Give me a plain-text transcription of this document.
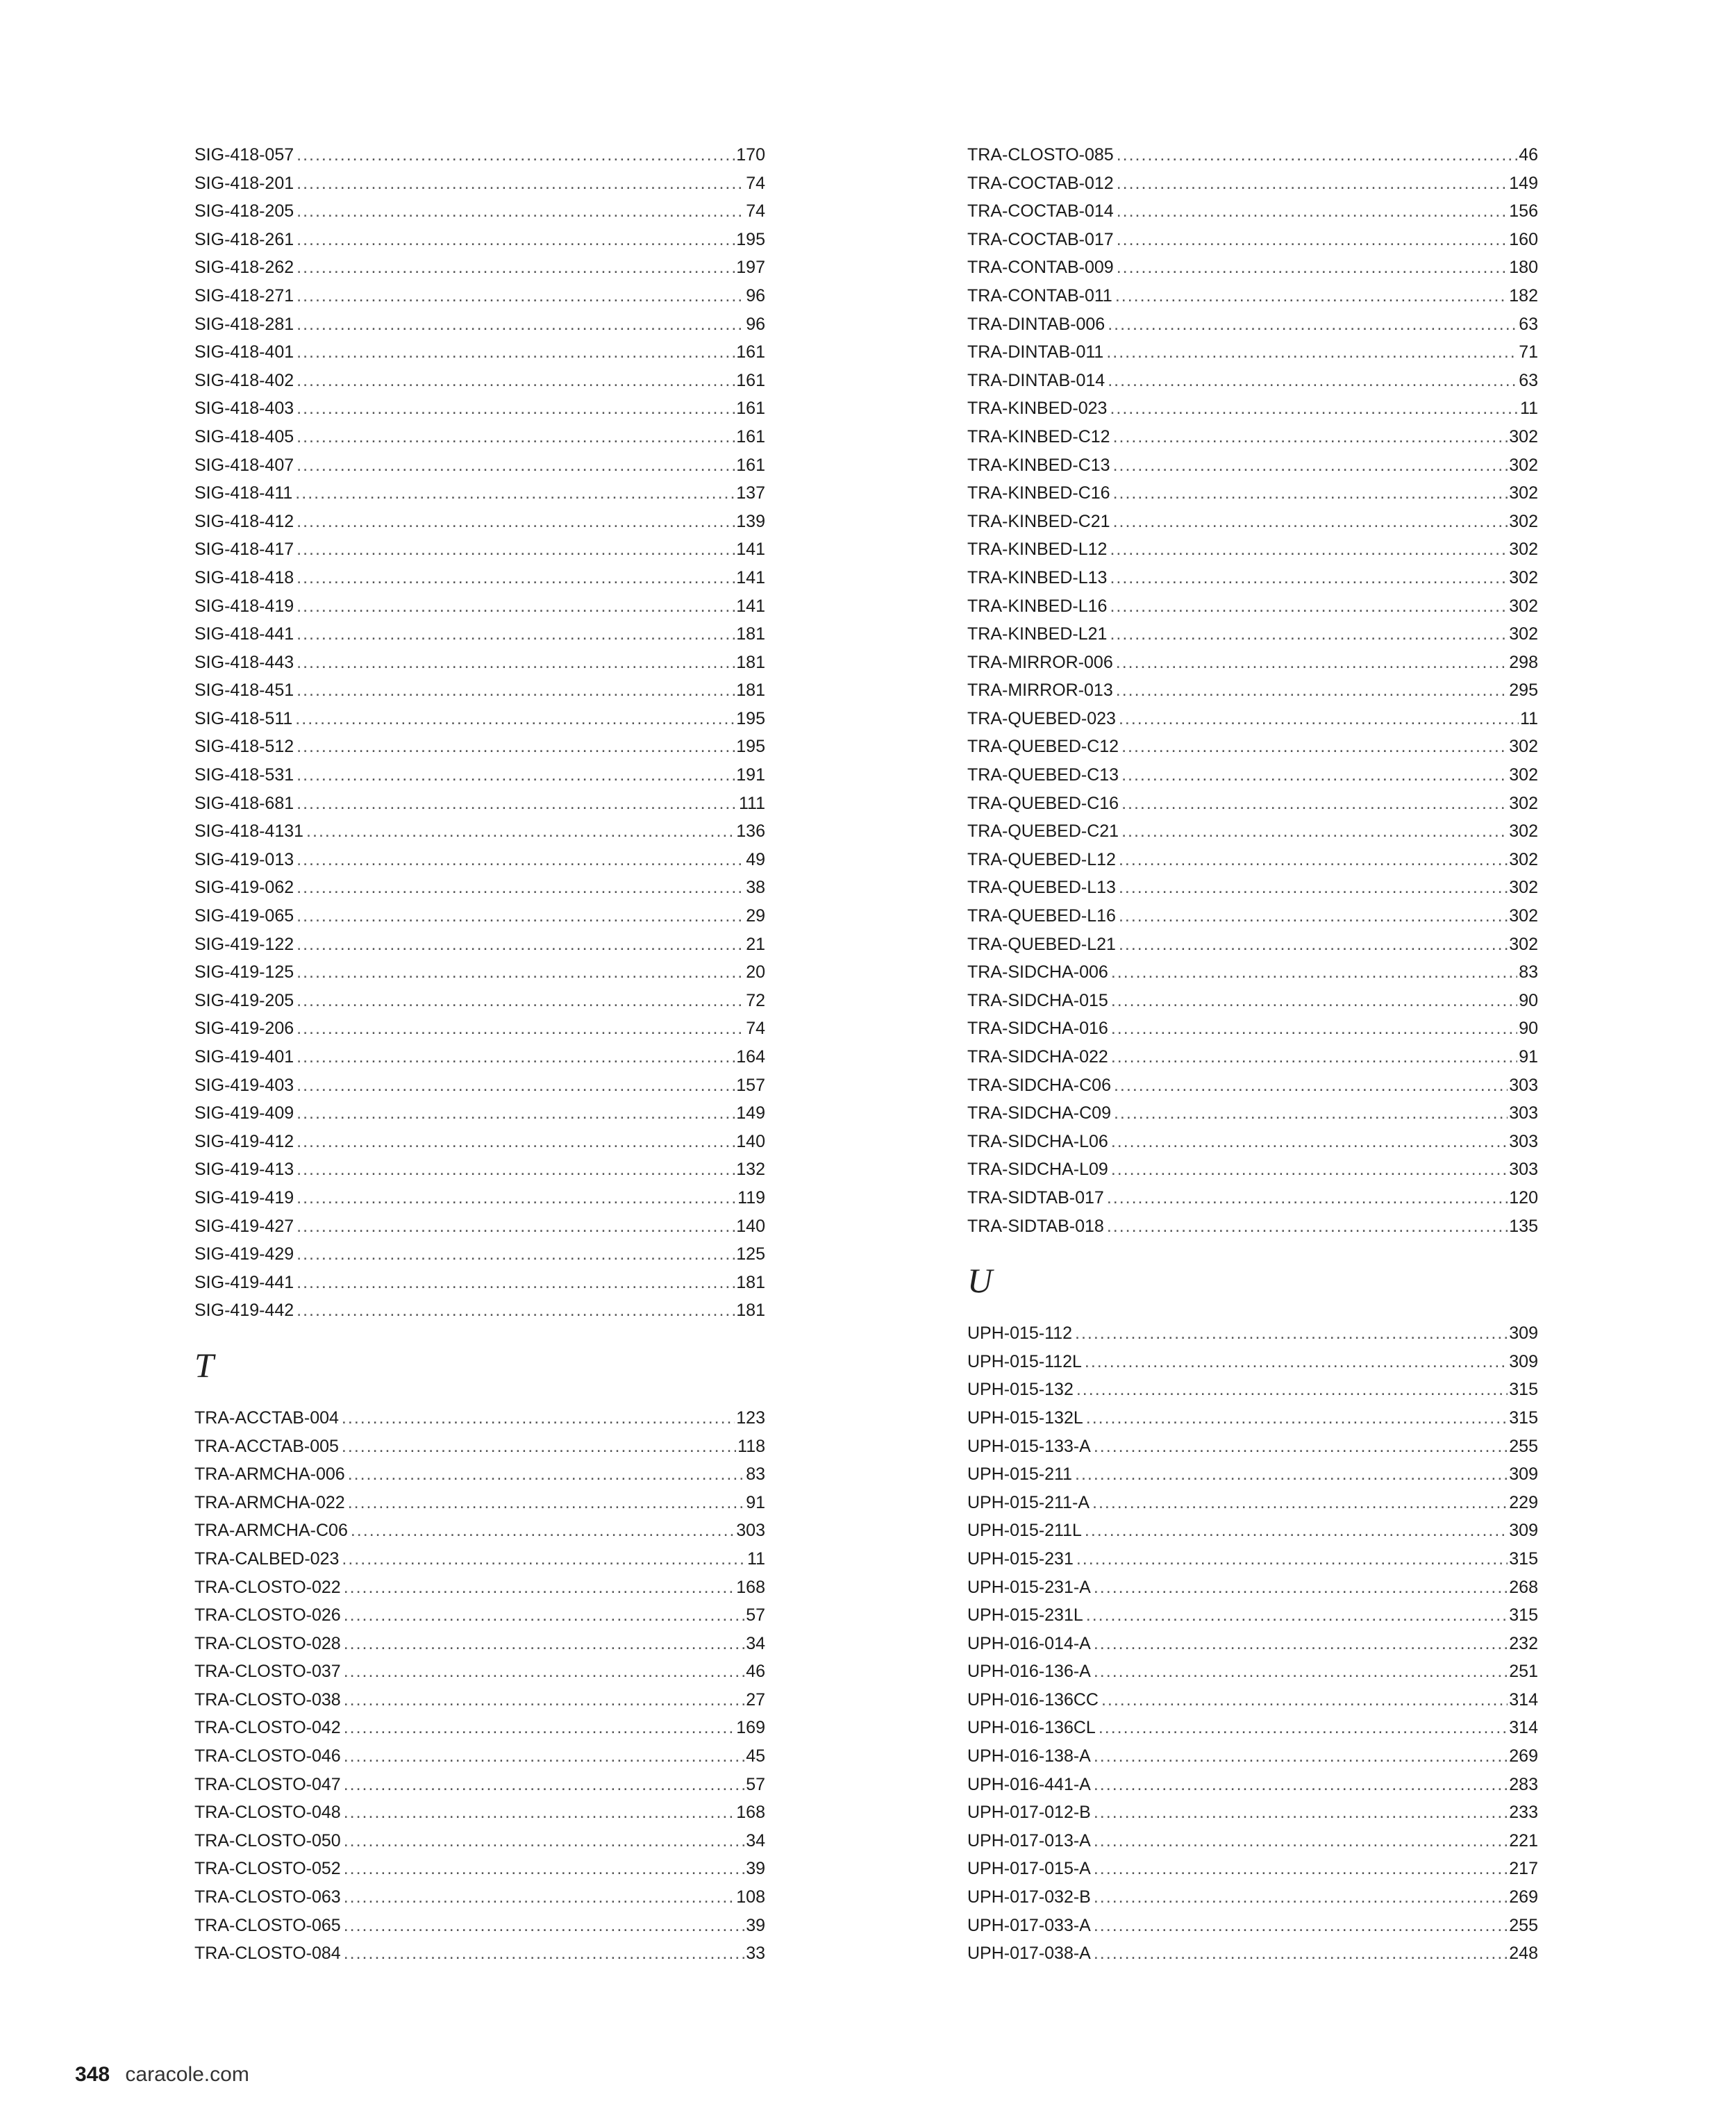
SIG-418-057 .....	170
SIG-418-201 .....	74
SIG-418-205 .....	74
SIG-418-261 .....	195
SIG-418-262 .....	197
SIG-418-271 .....	96
SIG-418-281 .....	96
SIG-418-401 .....	161
SIG-418-402 .....	161
SIG-418-403 .....	161
SIG-418-405 .....	161
SIG-418-407 .....	161
SIG-418-411 .....	137
SIG-418-412 .....	139
SIG-418-417 .....	141
SIG-418-418 .....	141
SIG-418-419 .....	141
SIG-418-441 .....	181
SIG-418-443 .....	181
SIG-418-451 .....	181
SIG-418-511 .....	195
SIG-418-512 .....	195
SIG-418-531 .....	191
SIG-418-681 .....	111
SIG-418-4131 .....	136
SIG-419-013 .....	49
SIG-419-062 .....	38
SIG-419-065 .....	29
SIG-419-122 .....	21
SIG-419-125 .....	20
SIG-419-205 .....	72
SIG-419-206 .....	74
SIG-419-401 .....	164
SIG-419-403 .....	157
SIG-419-409 .....	149
SIG-419-412 .....	140
SIG-419-413 .....	132
SIG-419-419 .....	119
SIG-419-427 .....	140
SIG-419-429 .....	125
SIG-419-441 .....	181
SIG-419-442 .....	181
T
TRA-ACCTAB-004 .....	123
TRA-ACCTAB-005 .....	118
TRA-ARMCHA-006 .....	83
TRA-ARMCHA-022 .....	91
TRA-ARMCHA-C06 .....	303
TRA-CALBED-023 .....	11
TRA-CLOSTO-022 .....	168
TRA-CLOSTO-026 .....	57
TRA-CLOSTO-028 .....	34
TRA-CLOSTO-037 .....	46
TRA-CLOSTO-038 .....	27
TRA-CLOSTO-042 .....	169
TRA-CLOSTO-046 .....	45
TRA-CLOSTO-047 .....	57
TRA-CLOSTO-048 .....	168
TRA-CLOSTO-050 .....	34
TRA-CLOSTO-052 .....	39
TRA-CLOSTO-063 .....	108
TRA-CLOSTO-065 .....	39
TRA-CLOSTO-084 .....	33
TRA-CLOSTO-085 .....	46
TRA-COCTAB-012 .....	149
TRA-COCTAB-014 .....	156
TRA-COCTAB-017 .....	160
TRA-CONTAB-009 .....	180
TRA-CONTAB-011 .....	182
TRA-DINTAB-006 .....	63
TRA-DINTAB-011 .....	71
TRA-DINTAB-014 .....	63
TRA-KINBED-023 .....	11
TRA-KINBED-C12 .....	302
TRA-KINBED-C13 .....	302
TRA-KINBED-C16 .....	302
TRA-KINBED-C21 .....	302
TRA-KINBED-L12 .....	302
TRA-KINBED-L13 .....	302
TRA-KINBED-L16 .....	302
TRA-KINBED-L21 .....	302
TRA-MIRROR-006 .....	298
TRA-MIRROR-013 .....	295
TRA-QUEBED-023 .....	11
TRA-QUEBED-C12 .....	302
TRA-QUEBED-C13 .....	302
TRA-QUEBED-C16 .....	302
TRA-QUEBED-C21 .....	302
TRA-QUEBED-L12 .....	302
TRA-QUEBED-L13 .....	302
TRA-QUEBED-L16 .....	302
TRA-QUEBED-L21 .....	302
TRA-SIDCHA-006 .....	83
TRA-SIDCHA-015 .....	90
TRA-SIDCHA-016 .....	90
TRA-SIDCHA-022 .....	91
TRA-SIDCHA-C06 .....	303
TRA-SIDCHA-C09 .....	303
TRA-SIDCHA-L06 .....	303
TRA-SIDCHA-L09 .....	303
TRA-SIDTAB-017 .....	120
TRA-SIDTAB-018 .....	135
U
UPH-015-112 .....	309
UPH-015-112L .....	309
UPH-015-132 .....	315
UPH-015-132L .....	315
UPH-015-133-A .....	255
UPH-015-211 .....	309
UPH-015-211-A .....	229
UPH-015-211L .....	309
UPH-015-231 .....	315
UPH-015-231-A .....	268
UPH-015-231L .....	315
UPH-016-014-A .....	232
UPH-016-136-A .....	251
UPH-016-136CC .....	314
UPH-016-136CL .....	314
UPH-016-138-A .....	269
UPH-016-441-A .....	283
UPH-017-012-B .....	233
UPH-017-013-A .....	221
UPH-017-015-A .....	217
UPH-017-032-B .....	269
UPH-017-033-A .....	255
UPH-017-038-A .....	248
348 caracole.com
